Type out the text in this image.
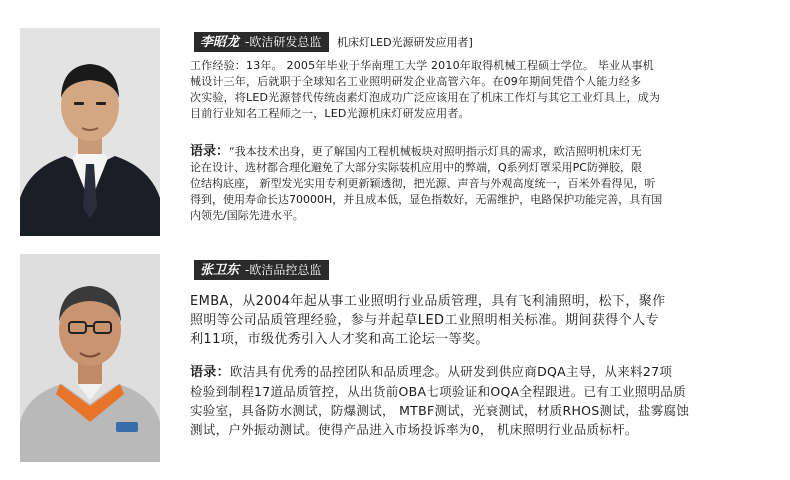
李昭龙 -欧洁研发总监	机床灯LED光源研发应用者]
工作经验：13年。 2005年毕业于华南理工大学 2010年取得机械工程硕士学位。 毕业从事机
械设计三年，后就职于全球知名工业照明研发企业高管六年。在09年期间凭借个人能力经多
次实验，将LED光源替代传统卤素灯泡成功广泛应该用在了机床工作灯与其它工业灯具上，成为
目前行业知名工程师之一，LED光源机床灯研发应用者。
语录：“我本技术出身，更了解国内工程机械板块对照明指示灯具的需求，欧洁照明机床灯无
论在设计、选材都合理化避免了大部分实际装机应用中的弊端，Q系列灯罩采用PC防弹胶，限
位结构底座， 新型发光实用专利更新颖透彻，把光源、声音与外观高度统一，百米外看得见，听
得到，使用寿命长达70000H，并且成本低，显色指数好，无需维护，电路保护功能完善，具有国
内领先/国际先进水平。
张卫东 -欧洁品控总监
EMBA，从2004年起从事工业照明行业品质管理，具有飞利浦照明，松下，聚作
照明等公司品质管理经验，参与并起草LED工业照明相关标准。期间获得个人专
利11项，市级优秀引入人才奖和高工论坛一等奖。
语录：欧洁具有优秀的品控团队和品质理念。从研发到供应商DQA主导，从来料27项
检验到制程17道品质管控，从出货前OBA七项验证和OQA全程跟进。已有工业照明品质
实验室，具备防水测试，防爆测试， MTBF测试，光衰测试，材质RHOS测试，盐雾腐蚀
测试，户外振动测试。使得产品进入市场投诉率为0， 机床照明行业品质标杆。
